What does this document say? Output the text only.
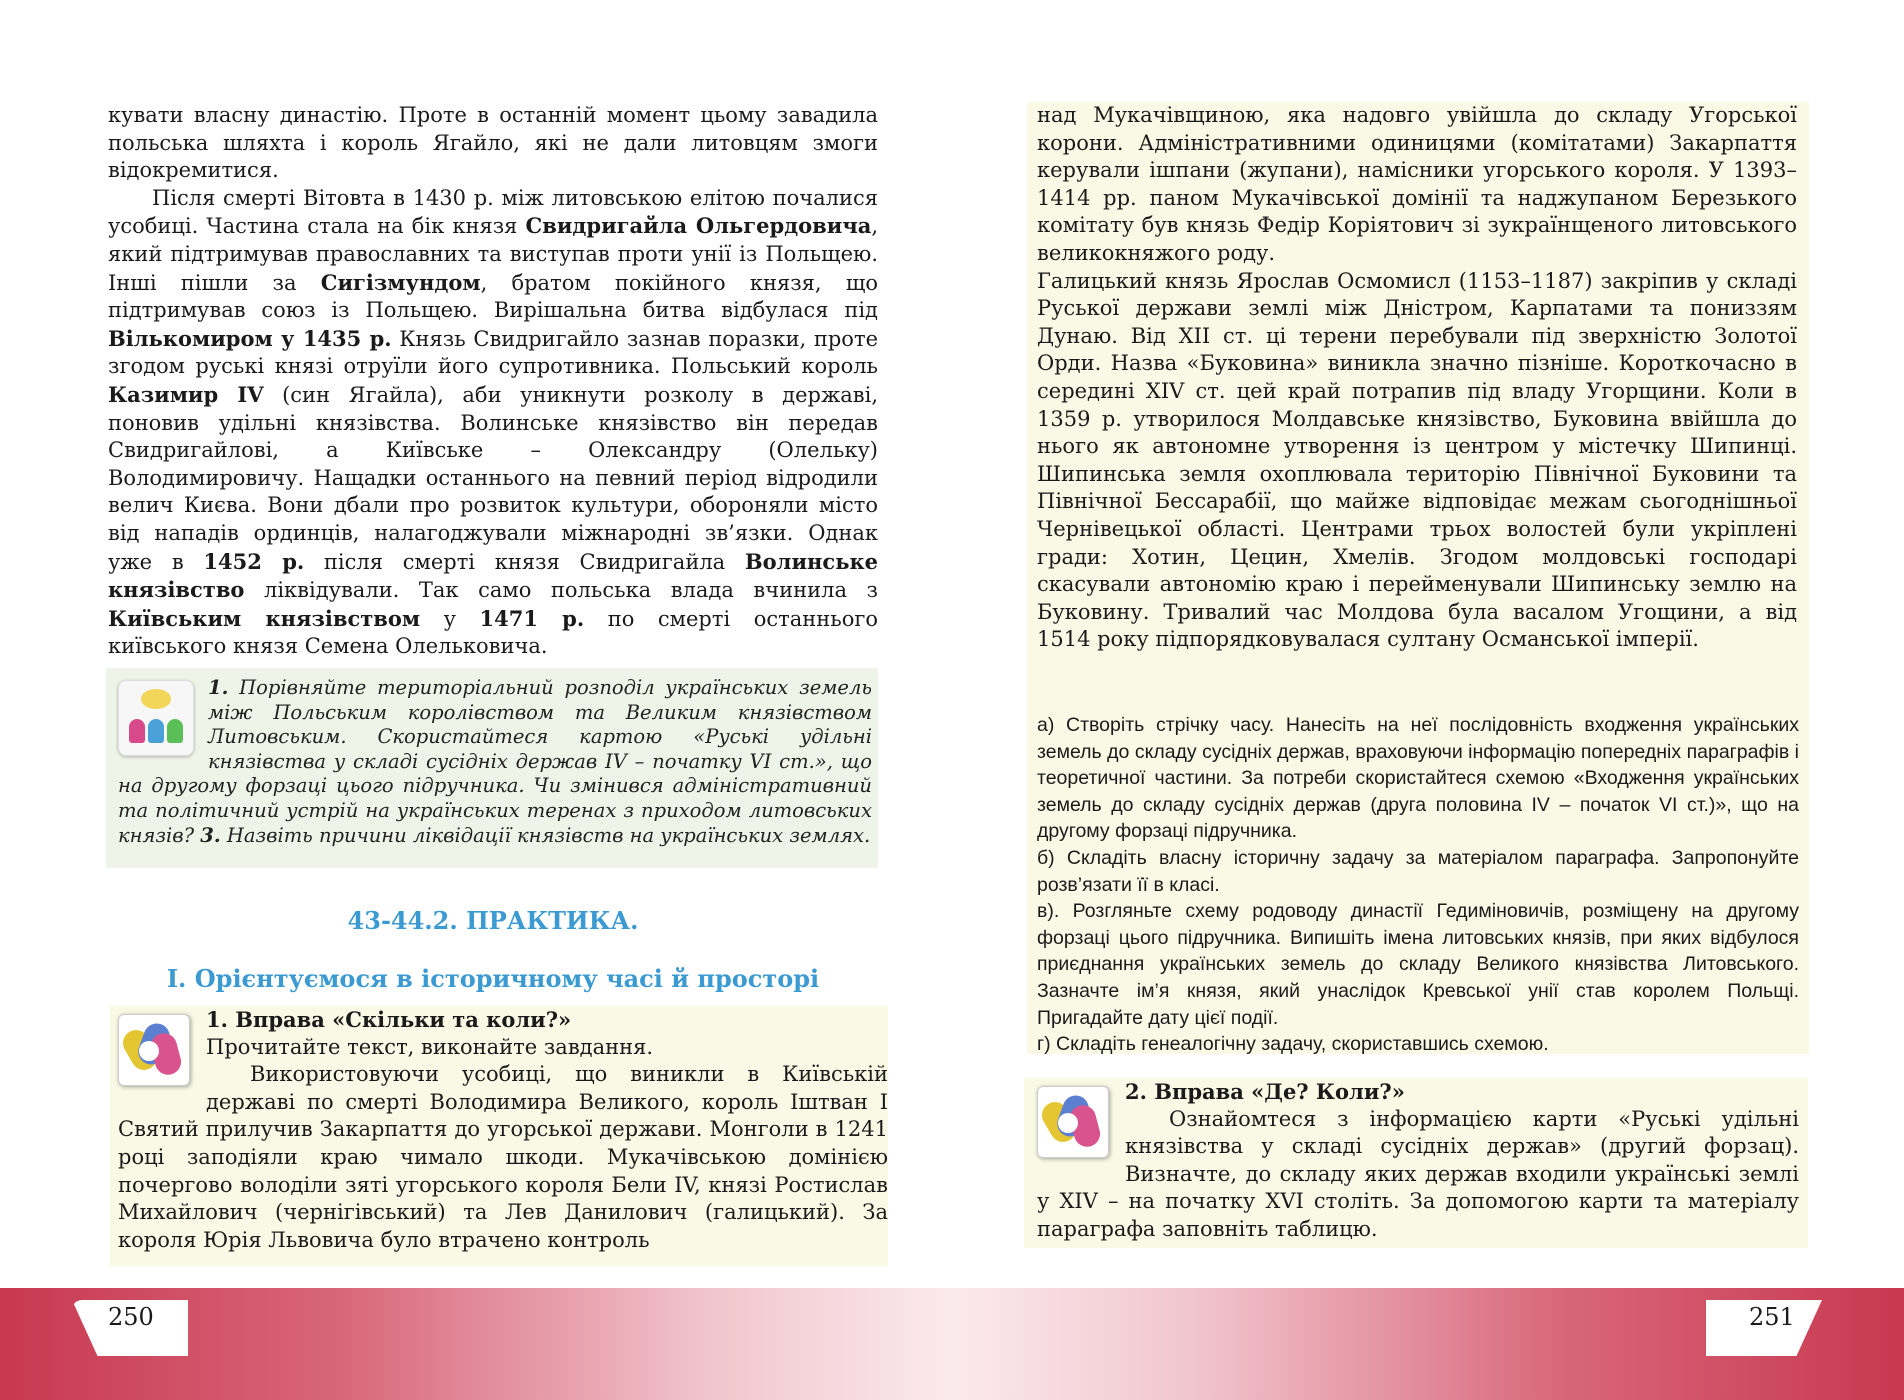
кувати власну династію. Проте в останній момент цьому завадила польська шляхта і король Ягайло, які не дали литовцям змоги відокремитися.

Після смерті Вітовта в 1430 р. між литовською елітою почалися усобиці. Частина стала на бік князя Свидригайла Ольгердовича, який підтримував православних та виступав проти унії із Польщею. Інші пішли за Сигізмундом, братом покійного князя, що підтримував союз із Польщею. Вирішальна битва відбулася під Вількомиром у 1435 р. Князь Свидригайло зазнав поразки, проте згодом руські князі отруїли його супротивника. Польський король Казимир IV (син Ягайла), аби уникнути розколу в державі, поновив удільні князівства. Волинське князівство він передав Свидригайлові, а Київське – Олександру (Олельку) Володимировичу. Нащадки останнього на певний період відродили велич Києва. Вони дбали про розвиток культури, обороняли місто від нападів ординців, налагоджували міжнародні зв’язки. Однак уже в 1452 р. після смерті князя Свидригайла Волинське князівство ліквідували. Так само польська влада вчинила з Київським князівством у 1471 р. по смерті останнього київського князя Семена Олельковича.

1. Порівняйте територіальний розподіл українських земель між Польським королівством та Великим князівством Литовським. Скористайтеся картою «Руські удільні князівства у складі сусідніх держав IV – початку VI ст.», що на другому форзаці цього підручника. Чи змінився адміністративний та політичний устрій на українських теренах з приходом литовських князів? 3. Назвіть причини ліквідації князівств на українських землях.
43-44.2. ПРАКТИКА.
І. Орієнтуємося в історичному часі й просторі

1. Вправа «Скільки та коли?»

Прочитайте текст, виконайте завдання.

Використовуючи усобиці, що виникли в Київській державі по смерті Володимира Великого, король Іштван І Святий прилучив Закарпаття до угорської держави. Монголи в 1241 році заподіяли краю чимало шкоди. Мукачівською домінією почергово володіли зяті угорського короля Бели IV, князі Ростислав Михайлович (чернігівський) та Лев Данилович (галицький). За короля Юрія Львовича було втрачено контроль

над Мукачівщиною, яка надовго увійшла до складу Угорської корони. Адміністративними одиницями (комітатами) Закарпаття керували ішпани (жупани), намісники угорського короля. У 1393–1414 рр. паном Мукачівської домінії та наджупаном Березького комітату був князь Федір Коріятович зі зукраїнщеного литовського великокняжого роду.

Галицький князь Ярослав Осмомисл (1153–1187) закріпив у складі Руської держави землі між Дністром, Карпатами та пониззям Дунаю. Від XII ст. ці терени перебували під зверхністю Золотої Орди. Назва «Буковина» виникла значно пізніше. Короткочасно в середині XIV ст. цей край потрапив під владу Угорщини. Коли в 1359 р. утворилося Молдавське князівство, Буковина ввійшла до нього як автономне утворення із центром у містечку Шипинці. Шипинська земля охоплювала територію Північної Буковини та Північної Бессарабії, що майже відповідає межам сьогоднішньої Чернівецької області. Центрами трьох волостей були укріплені гради: Хотин, Цецин, Хмелів. Згодом молдовські господарі скасували автономію краю і перейменували Шипинську землю на Буковину. Тривалий час Молдова була васалом Угощини, а від 1514 року підпорядковувалася султану Османської імперії.

а) Створіть стрічку часу. Нанесіть на неї послідовність входження українських земель до складу сусідніх держав, враховуючи інформацію попередніх параграфів і теоретичної частини. За потреби скористайтеся схемою «Входження українських земель до складу сусідніх держав (друга половина IV – початок VI ст.)», що на другому форзаці підручника.

б) Складіть власну історичну задачу за матеріалом параграфа. Запропонуйте розв’язати її в класі.

в). Розгляньте схему родоводу династії Гедиміновичів, розміщену на другому форзаці цього підручника. Випишіть імена литовських князів, при яких відбулося приєднання українських земель до складу Великого князівства Литовського. Зазначте ім’я князя, який унаслідок Кревської унії став королем Польщі. Пригадайте дату цієї події.

г) Складіть генеалогічну задачу, скориставшись схемою.

2. Вправа «Де? Коли?»

Ознайомтеся з інформацією карти «Руські удільні князівства у складі сусідніх держав» (другий форзац). Визначте, до складу яких держав входили українські землі у XIV – на початку XVI століть. За допомогою карти та матеріалу параграфа заповніть таблицю.

250	251
